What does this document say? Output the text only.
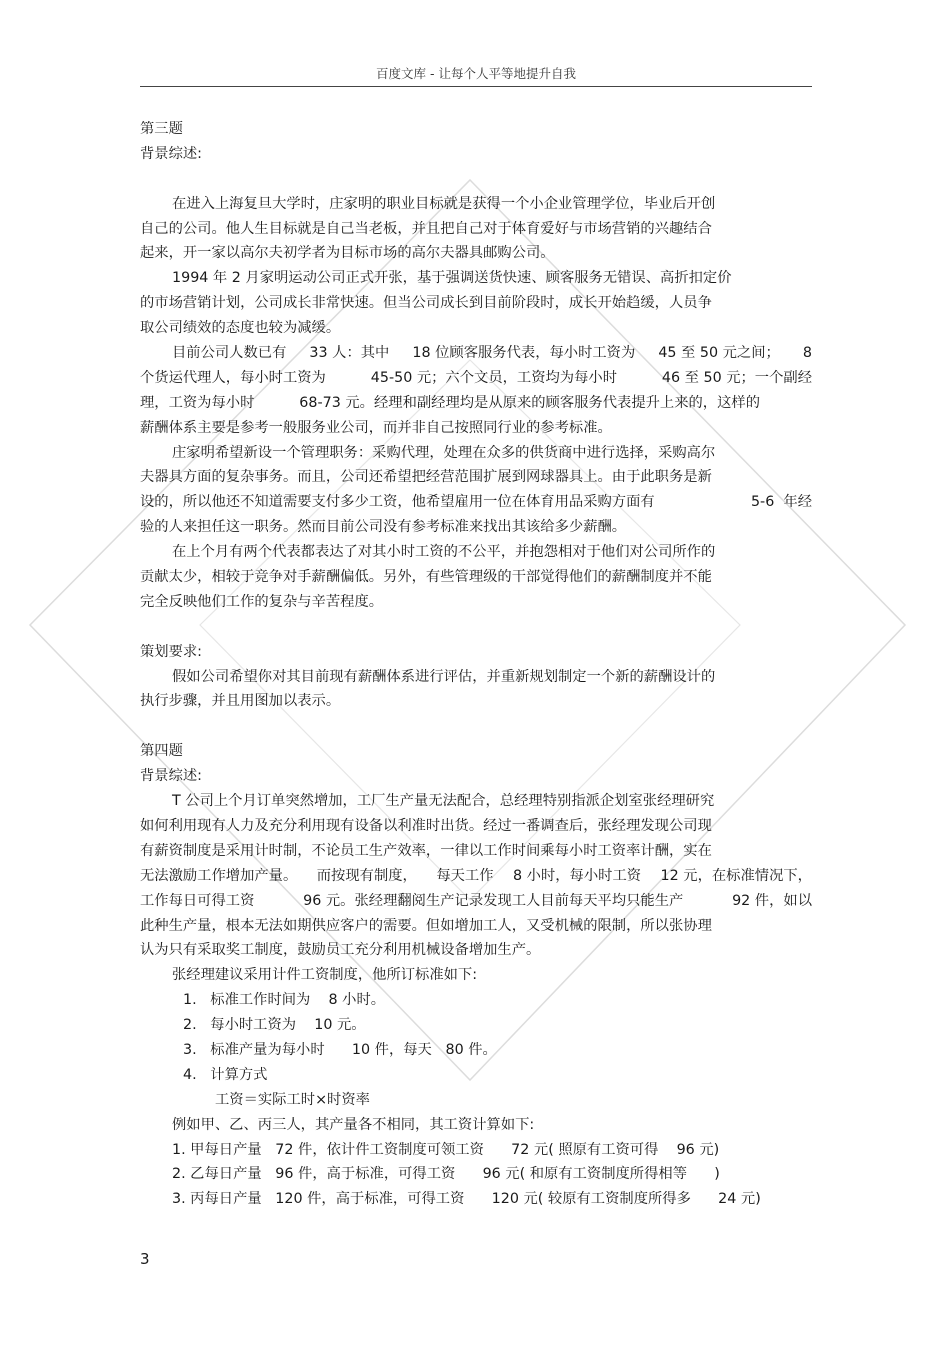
百度文库 - 让每个人平等地提升自我
第三题
背景综述:
在进入上海复旦大学时，庄家明的职业目标就是获得一个小企业管理学位，毕业后开创
自己的公司。他人生目标就是自己当老板，并且把自己对于体育爱好与市场营销的兴趣结合
起来，开一家以高尔夫初学者为目标市场的高尔夫器具邮购公司。
1994 年 2 月家明运动公司正式开张，基于强调送货快速、顾客服务无错误、高折扣定价
的市场营销计划，公司成长非常快速。但当公司成长到目前阶段时，成长开始趋缓，人员争
取公司绩效的态度也较为减缓。
目前公司人数已有 33 人：其中 18 位顾客服务代表，每小时工资为 45 至 50 元之间； 8
个货运代理人，每小时工资为	45-50 元；六个文员，工资均为每小时	46 至 50 元；一个副经
理，工资为每小时	68-73 元。经理和副经理均是从原来的顾客服务代表提升上来的，这样的
薪酬体系主要是参考一般服务业公司，而并非自己按照同行业的参考标准。
庄家明希望新设一个管理职务：采购代理，处理在众多的供货商中进行选择，采购高尔
夫器具方面的复杂事务。而且，公司还希望把经营范围扩展到网球器具上。由于此职务是新
设的，所以他还不知道需要支付多少工资，他希望雇用一位在体育用品采购方面有	5-6  年经
验的人来担任这一职务。然而目前公司没有参考标准来找出其该给多少薪酬。
在上个月有两个代表都表达了对其小时工资的不公平，并抱怨相对于他们对公司所作的
贡献太少，相较于竞争对手薪酬偏低。另外，有些管理级的干部觉得他们的薪酬制度并不能
完全反映他们工作的复杂与辛苦程度。
策划要求:
假如公司希望你对其目前现有薪酬体系进行评估，并重新规划制定一个新的薪酬设计的
执行步骤，并且用图加以表示。
第四题
背景综述:
T 公司上个月订单突然增加，工厂生产量无法配合，总经理特别指派企划室张经理研究
如何利用现有人力及充分利用现有设备以利准时出货。经过一番调查后，张经理发现公司现
有薪资制度是采用计时制，不论员工生产效率，一律以工作时间乘每小时工资率计酬，实在
无法激励工作增加产量。 而按现有制度， 每天工作 8 小时，每小时工资 12 元，在标准情况下，
工作每日可得工资	96 元。张经理翻阅生产记录发现工人目前每天平均只能生产	92 件，如以
此种生产量，根本无法如期供应客户的需要。但如增加工人，又受机械的限制，所以张协理
认为只有采取奖工制度，鼓励员工充分利用机械设备增加生产。
张经理建议采用计件工资制度，他所订标准如下:
1.   标准工作时间为    8 小时。
2.   每小时工资为    10 元。
3.   标准产量为每小时      10 件，每天   80 件。
4.   计算方式
工资＝实际工时×时资率
例如甲、乙、丙三人，其产量各不相同，其工资计算如下:
1. 甲每日产量   72 件，依计件工资制度可领工资      72 元( 照原有工资可得    96 元)
2. 乙每日产量   96 件，高于标准，可得工资      96 元( 和原有工资制度所得相等      )
3. 丙每日产量   120 件，高于标准，可得工资      120 元( 较原有工资制度所得多      24 元)
3
